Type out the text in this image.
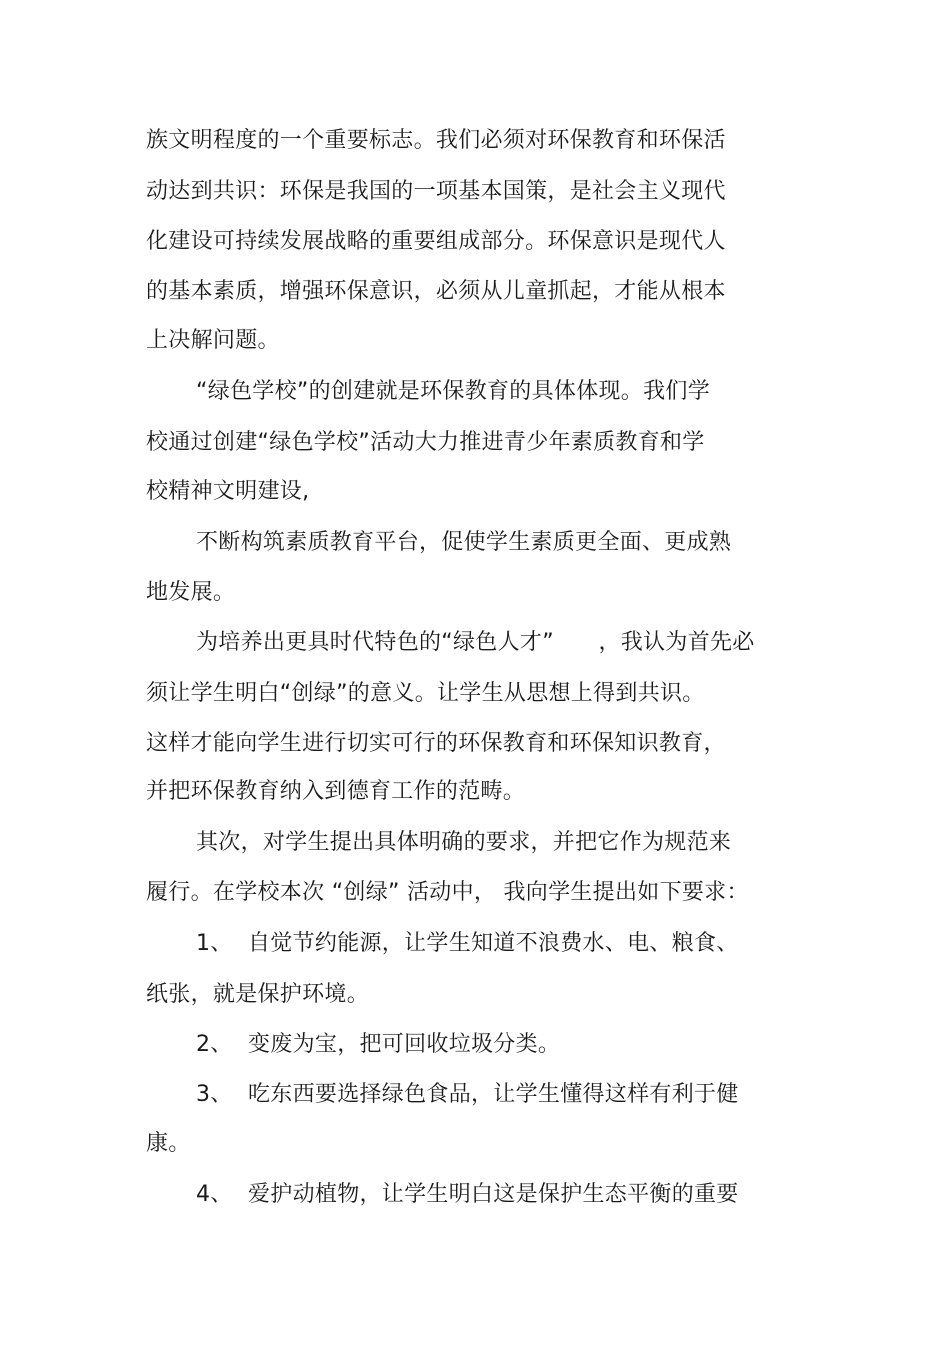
族文明程度的一个重要标志。我们必须对环保教育和环保活
动达到共识：环保是我国的一项基本国策，是社会主义现代
化建设可持续发展战略的重要组成部分。环保意识是现代人
的基本素质，增强环保意识，必须从儿童抓起，才能从根本
上决解问题。
“绿色学校”的创建就是环保教育的具体体现。我们学
校通过创建“绿色学校”活动大力推进青少年素质教育和学
校精神文明建设,
不断构筑素质教育平台，促使学生素质更全面、更成熟
地发展。
为培养出更具时代特色的“绿色人才”　　，我认为首先必
须让学生明白“创绿”的意义。让学生从思想上得到共识。
这样才能向学生进行切实可行的环保教育和环保知识教育，
并把环保教育纳入到德育工作的范畴。
其次，对学生提出具体明确的要求，并把它作为规范来
履行。在学校本次 “创绿” 活动中， 我向学生提出如下要求：
1、 自觉节约能源，让学生知道不浪费水、电、粮食、
纸张，就是保护环境。
2、 变废为宝，把可回收垃圾分类。
3、 吃东西要选择绿色食品，让学生懂得这样有利于健
康。
4、 爱护动植物，让学生明白这是保护生态平衡的重要
